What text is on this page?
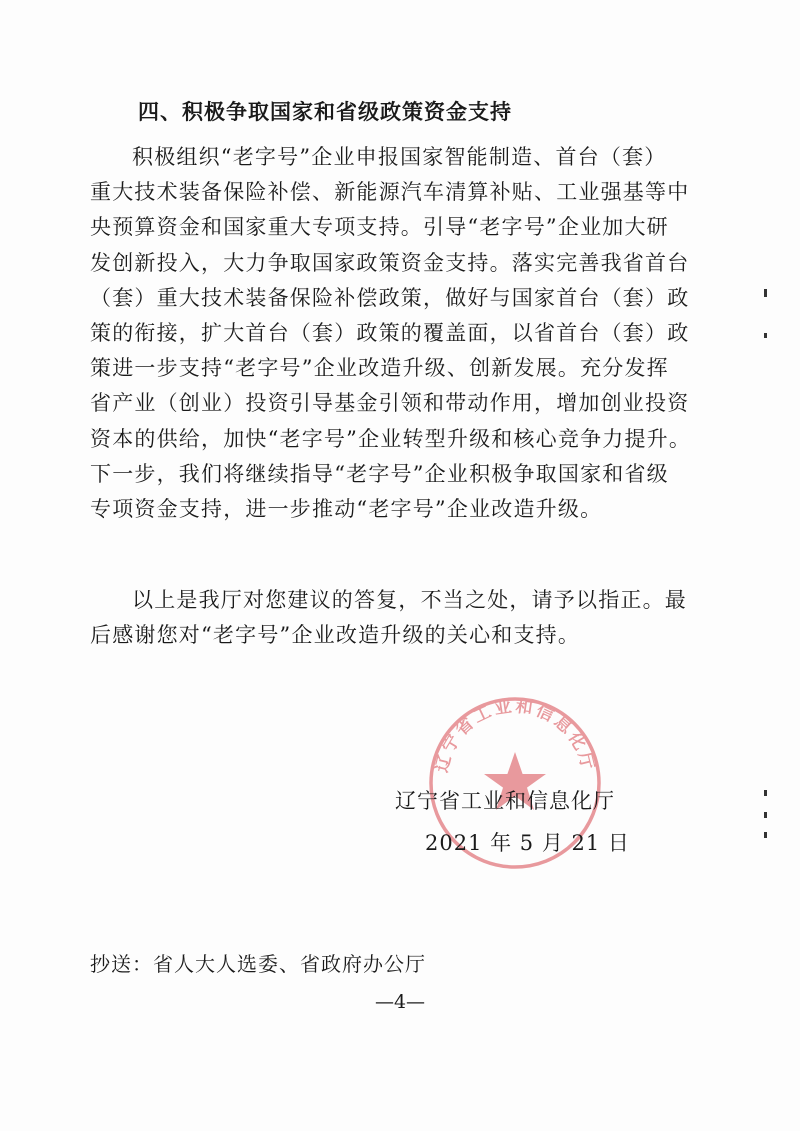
四、积极争取国家和省级政策资金支持

积极组织“老字号”企业申报国家智能制造、首台（套）
重大技术装备保险补偿、新能源汽车清算补贴、工业强基等中
央预算资金和国家重大专项支持。引导“老字号”企业加大研
发创新投入，大力争取国家政策资金支持。落实完善我省首台
（套）重大技术装备保险补偿政策，做好与国家首台（套）政
策的衔接，扩大首台（套）政策的覆盖面，以省首台（套）政
策进一步支持“老字号”企业改造升级、创新发展。充分发挥
省产业（创业）投资引导基金引领和带动作用，增加创业投资
资本的供给，加快“老字号”企业转型升级和核心竞争力提升。
下一步，我们将继续指导“老字号”企业积极争取国家和省级
专项资金支持，进一步推动“老字号”企业改造升级。

以上是我厅对您建议的答复，不当之处，请予以指正。最
后感谢您对“老字号”企业改造升级的关心和支持。

辽宁省工业和信息化厅
辽宁省工业和信息化厅
2021 年 5 月 21 日
抄送：省人大人选委、省政府办公厅
—4—
